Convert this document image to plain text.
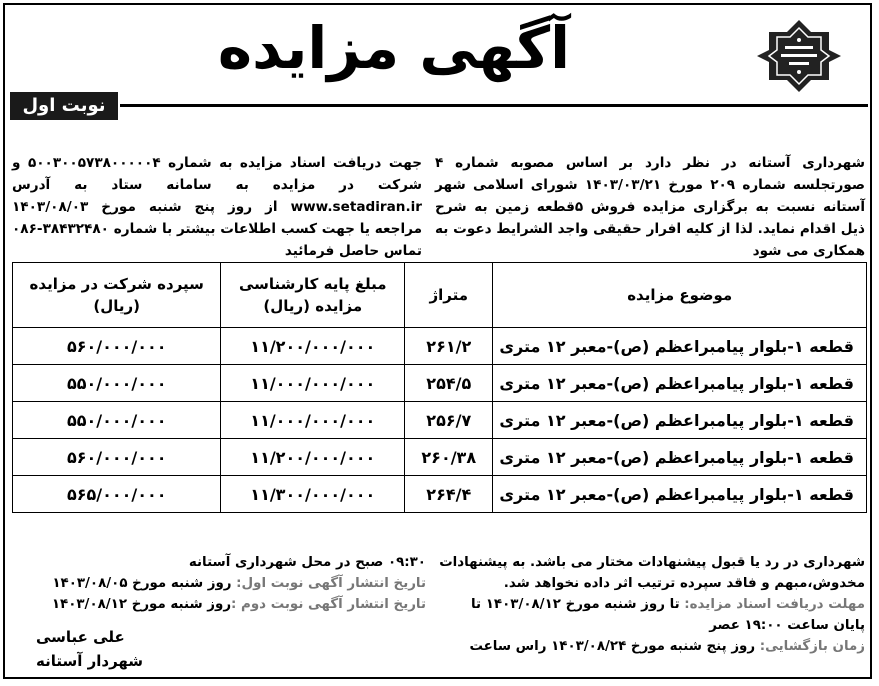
آگهی مزایده
نوبت اول
شهرداری آستانه در نظر دارد بر اساس مصوبه شماره ۴ صورتجلسه شماره ۲۰۹ مورخ ۱۴۰۳/۰۳/۲۱ شورای اسلامی شهر آستانه نسبت به برگزاری مزایده فروش ۵قطعه زمین به شرح ذیل اقدام نماید. لذا از کلیه افرار حقیقی واجد الشرایط دعوت به همکاری می شود
جهت دریافت اسناد مزایده به شماره ۵۰۰۳۰۰۵۷۳۸۰۰۰۰۰۴ و شرکت در مزایده به سامانه ستاد به آدرس www.setadiran.ir از روز پنج شنبه مورخ ۱۴۰۳/۰۸/۰۳ مراجعه یا جهت کسب اطلاعات بیشتر با شماره ۳۸۴۳۲۴۸۰-۰۸۶ تماس حاصل فرمائید
موضوع مزایده	متراژ	مبلغ پایه کارشناسی مزایده (ریال)	سپرده شرکت در مزایده (ریال)
قطعه ۱-بلوار پیامبراعظم (ص)-معبر ۱۲ متری	۲۶۱/۲	۱۱/۲۰۰/۰۰۰/۰۰۰	۵۶۰/۰۰۰/۰۰۰
قطعه ۱-بلوار پیامبراعظم (ص)-معبر ۱۲ متری	۲۵۴/۵	۱۱/۰۰۰/۰۰۰/۰۰۰	۵۵۰/۰۰۰/۰۰۰
قطعه ۱-بلوار پیامبراعظم (ص)-معبر ۱۲ متری	۲۵۶/۷	۱۱/۰۰۰/۰۰۰/۰۰۰	۵۵۰/۰۰۰/۰۰۰
قطعه ۱-بلوار پیامبراعظم (ص)-معبر ۱۲ متری	۲۶۰/۳۸	۱۱/۲۰۰/۰۰۰/۰۰۰	۵۶۰/۰۰۰/۰۰۰
قطعه ۱-بلوار پیامبراعظم (ص)-معبر ۱۲ متری	۲۶۴/۴	۱۱/۳۰۰/۰۰۰/۰۰۰	۵۶۵/۰۰۰/۰۰۰
شهرداری در رد یا قبول پیشنهادات مختار می باشد. به پیشنهادات
مخدوش،مبهم و فاقد سپرده ترتیب اثر داده نخواهد شد.
مهلت دریافت اسناد مزایده: تا روز شنبه مورخ ۱۴۰۳/۰۸/۱۲ تا
پایان ساعت ۱۹:۰۰ عصر
زمان بازگشایی: روز پنج شنبه مورخ ۱۴۰۳/۰۸/۲۴ راس ساعت
۰۹:۳۰ صبح در محل شهرداری آستانه
تاریخ انتشار آگهی نوبت اول: روز شنبه مورخ ۱۴۰۳/۰۸/۰۵
تاریخ انتشار آگهی نوبت دوم :روز شنبه مورخ ۱۴۰۳/۰۸/۱۲
علی عباسی
شهردار آستانه
